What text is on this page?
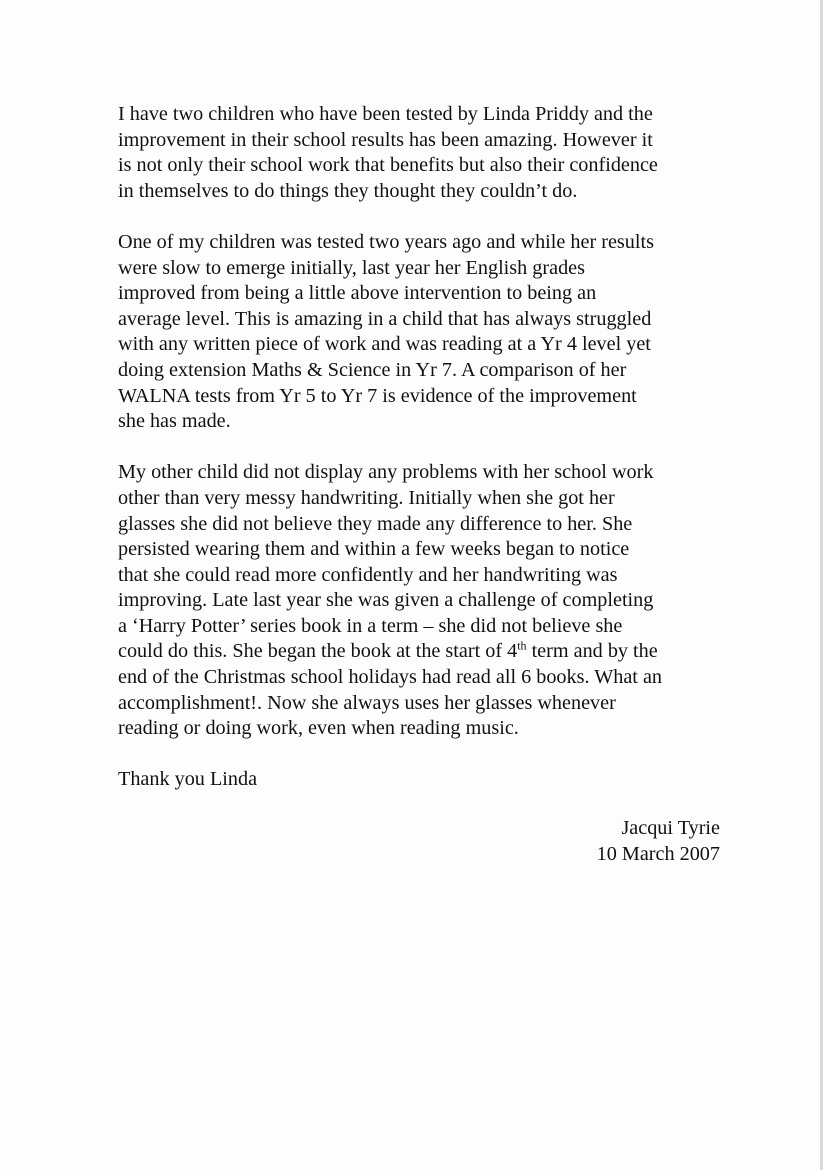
I have two children who have been tested by Linda Priddy and the
improvement in their school results has been amazing. However it
is not only their school work that benefits but also their confidence
in themselves to do things they thought they couldn’t do.

One of my children was tested two years ago and while her results
were slow to emerge initially, last year her English grades
improved from being a little above intervention to being an
average level. This is amazing in a child that has always struggled
with any written piece of work and was reading at a Yr 4 level yet
doing extension Maths & Science in Yr 7. A comparison of her
WALNA tests from Yr 5 to Yr 7 is evidence of the improvement
she has made.

My other child did not display any problems with her school work
other than very messy handwriting. Initially when she got her
glasses she did not believe they made any difference to her. She
persisted wearing them and within a few weeks began to notice
that she could read more confidently and her handwriting was
improving. Late last year she was given a challenge of completing
a ‘Harry Potter’ series book in a term – she did not believe she
could do this. She began the book at the start of 4th term and by the
end of the Christmas school holidays had read all 6 books. What an
accomplishment!. Now she always uses her glasses whenever
reading or doing work, even when reading music.

Thank you Linda

Jacqui Tyrie
10 March 2007
